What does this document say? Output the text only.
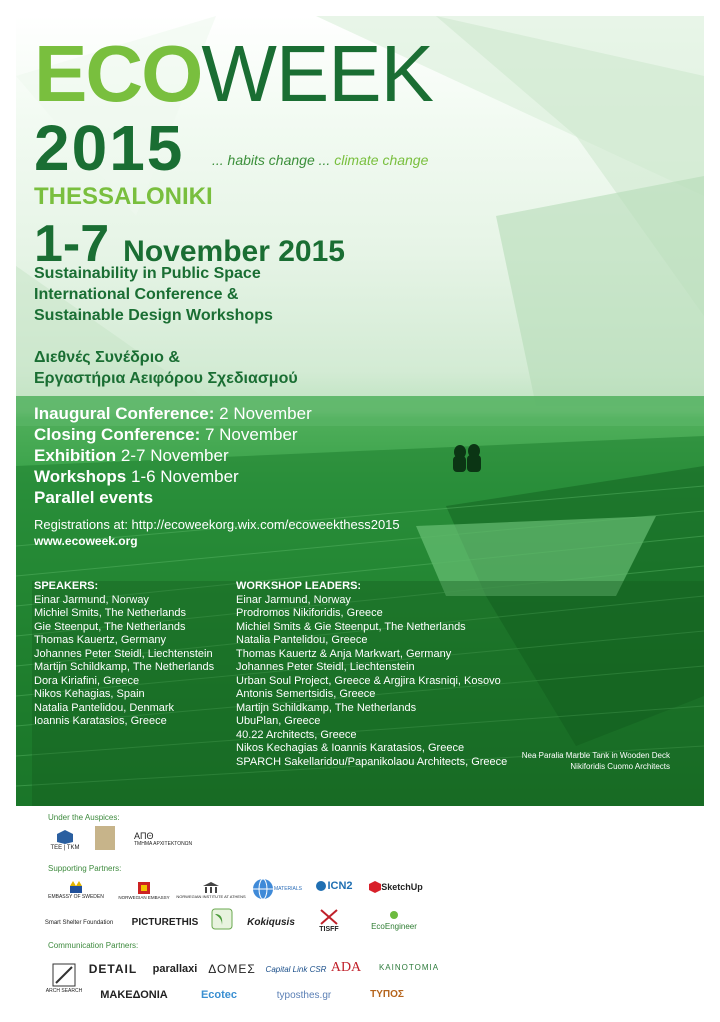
ECOWEEK
2015 ... habits change ... climate change
THESSALONIKI
1-7 November 2015
Sustainability in Public Space
International Conference &
Sustainable Design Workshops
Διεθνές Συνέδριο &
Εργαστήρια Αειφόρου Σχεδιασμού
Inaugural Conference: 2 November
Closing Conference: 7 November
Exhibition 2-7 November
Workshops 1-6 November
Parallel events
Registrations at: http://ecoweekorg.wix.com/ecoweekthess2015
www.ecoweek.org
SPEAKERS:
Einar Jarmund, Norway
Michiel Smits, The Netherlands
Gie Steenput, The Netherlands
Thomas Kauertz, Germany
Johannes Peter Steidl, Liechtenstein
Martijn Schildkamp, The Netherlands
Dora Kiriafini, Greece
Nikos Kehagias, Spain
Natalia Pantelidou, Denmark
Ioannis Karatasios, Greece
WORKSHOP LEADERS:
Einar Jarmund, Norway
Prodromos Nikiforidis, Greece
Michiel Smits & Gie Steenput, The Netherlands
Natalia Pantelidou, Greece
Thomas Kauertz & Anja Markwart, Germany
Johannes Peter Steidl, Liechtenstein
Urban Soul Project, Greece & Argjira Krasniqi, Kosovo
Antonis Semertsidis, Greece
Martijn Schildkamp, The Netherlands
UbuPlan, Greece
40.22 Architects, Greece
Nikos Kechagias & Ioannis Karatasios, Greece
SPARCH Sakellaridou/Papanikolaou Architects, Greece	Nea Paralia Marble Tank in Wooden Deck
Nikiforidis Cuomo Architects
Under the Auspices:
TEE | TKM
ΑΠΘ
ΤΜΗΜΑ ΑΡΧΙΤΕΚΤΟΝΩΝ
Supporting Partners:
EMBASSY OF SWEDEN	NORWEGIAN EMBASSY NORWEGIAN INSTITUTE AT ATHENS
MATERIALS ICN2	SketchUp
Smart Shelter Foundation PICTURETHIS	Kokiqusis
TISFF	EcoEngineer
Communication Partners:
ARCH SEARCH
DETAIL parallaxi ΔΟΜΕΣ Capital Link CSR ADA KAINOTOMIA
ΜΑΚΕΔΟΝΙΑ	Ecotec	typosthes.gr	ΤΥΠΟΣ
